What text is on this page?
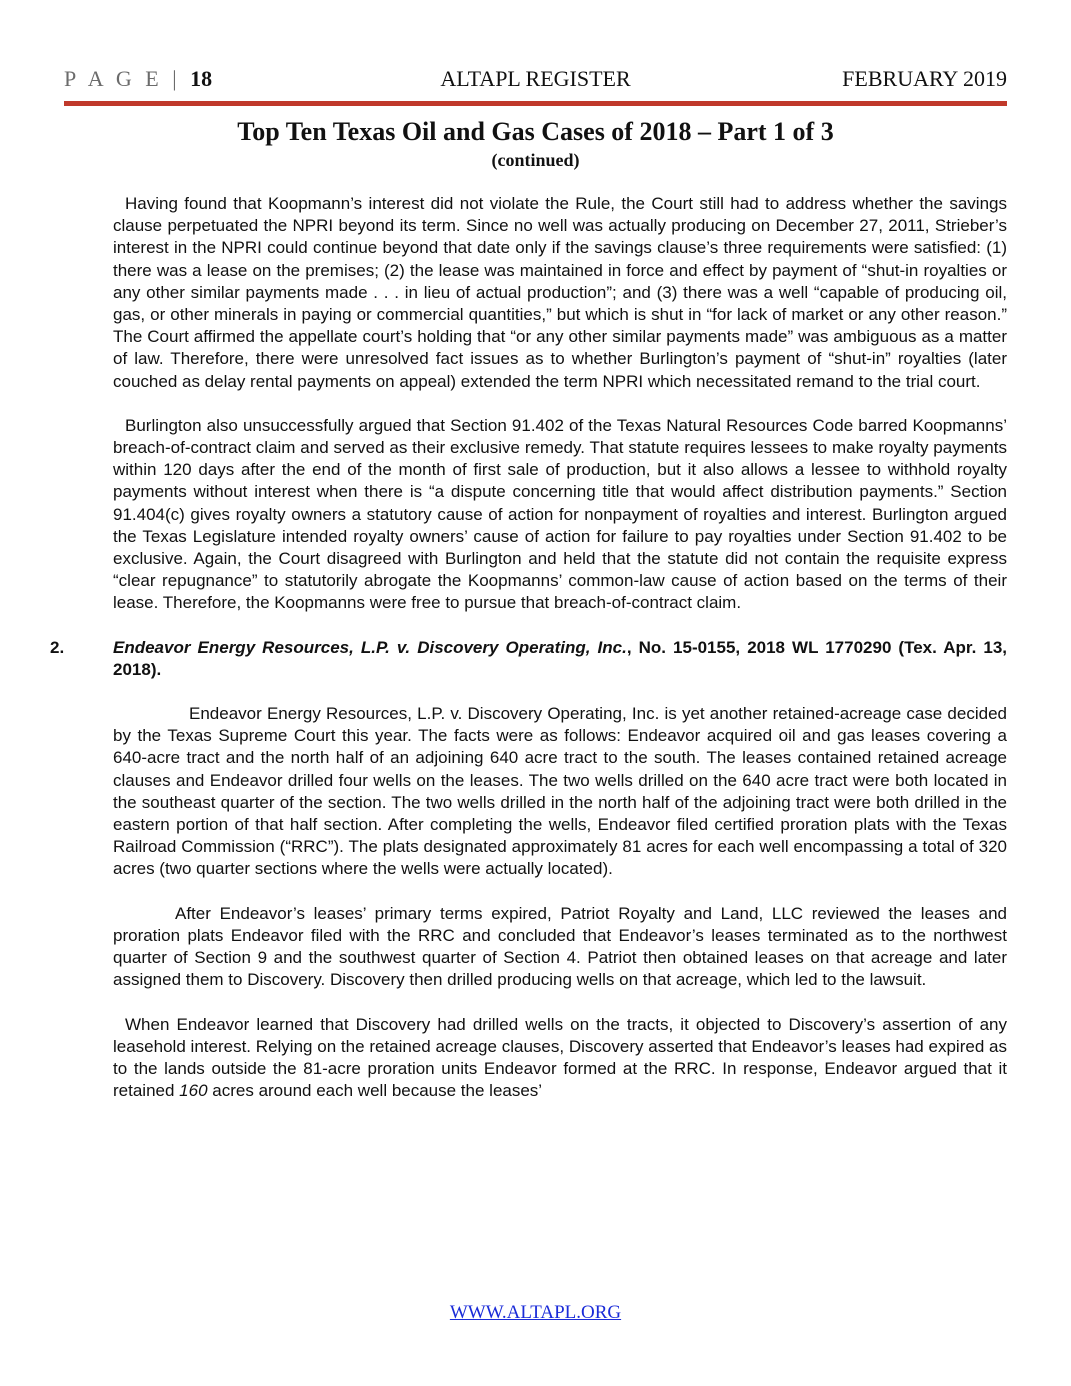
P A G E | 18	ALTAPL REGISTER	FEBRUARY 2019
Top Ten Texas Oil and Gas Cases of 2018 – Part 1 of 3
(continued)

Having found that Koopmann’s interest did not violate the Rule, the Court still had to address whether the savings clause perpetuated the NPRI beyond its term. Since no well was actually producing on December 27, 2011, Strieber’s interest in the NPRI could continue beyond that date only if the savings clause’s three requirements were satisfied: (1) there was a lease on the premises; (2) the lease was maintained in force and effect by payment of “shut-in royalties or any other similar payments made . . . in lieu of actual production”; and (3) there was a well “capable of producing oil, gas, or other minerals in paying or commercial quantities,” but which is shut in “for lack of market or any other reason.” The Court affirmed the appellate court’s holding that “or any other similar payments made” was ambiguous as a matter of law. Therefore, there were unresolved fact issues as to whether Burlington’s payment of “shut-in” royalties (later couched as delay rental payments on appeal) extended the term NPRI which necessitated remand to the trial court.

Burlington also unsuccessfully argued that Section 91.402 of the Texas Natural Resources Code barred Koopmanns’ breach-of-contract claim and served as their exclusive remedy. That statute requires lessees to make royalty payments within 120 days after the end of the month of first sale of production, but it also allows a lessee to withhold royalty payments without interest when there is “a dispute concerning title that would affect distribution payments.” Section 91.404(c) gives royalty owners a statutory cause of action for nonpayment of royalties and interest. Burlington argued the Texas Legislature intended royalty owners’ cause of action for failure to pay royalties under Section 91.402 to be exclusive. Again, the Court disagreed with Burlington and held that the statute did not contain the requisite express “clear repugnance” to statutorily abrogate the Koopmanns’ common-law cause of action based on the terms of their lease. Therefore, the Koopmanns were free to pursue that breach-of-contract claim.

2.	Endeavor Energy Resources, L.P. v. Discovery Operating, Inc., No. 15-0155, 2018 WL 1770290 (Tex. Apr. 13, 2018).

Endeavor Energy Resources, L.P. v. Discovery Operating, Inc. is yet another retained-acreage case decided by the Texas Supreme Court this year. The facts were as follows: Endeavor acquired oil and gas leases covering a 640-acre tract and the north half of an adjoining 640 acre tract to the south. The leases contained retained acreage clauses and Endeavor drilled four wells on the leases. The two wells drilled on the 640 acre tract were both located in the southeast quarter of the section. The two wells drilled in the north half of the adjoining tract were both drilled in the eastern portion of that half section. After completing the wells, Endeavor filed certified proration plats with the Texas Railroad Commission (“RRC”). The plats designated approximately 81 acres for each well encompassing a total of 320 acres (two quarter sections where the wells were actually located).

After Endeavor’s leases’ primary terms expired, Patriot Royalty and Land, LLC reviewed the leases and proration plats Endeavor filed with the RRC and concluded that Endeavor’s leases terminated as to the northwest quarter of Section 9 and the southwest quarter of Section 4. Patriot then obtained leases on that acreage and later assigned them to Discovery. Discovery then drilled producing wells on that acreage, which led to the lawsuit.

When Endeavor learned that Discovery had drilled wells on the tracts, it objected to Discovery’s assertion of any leasehold interest. Relying on the retained acreage clauses, Discovery asserted that Endeavor’s leases had expired as to the lands outside the 81-acre proration units Endeavor formed at the RRC. In response, Endeavor argued that it retained 160 acres around each well because the leases’

WWW.ALTAPL.ORG
